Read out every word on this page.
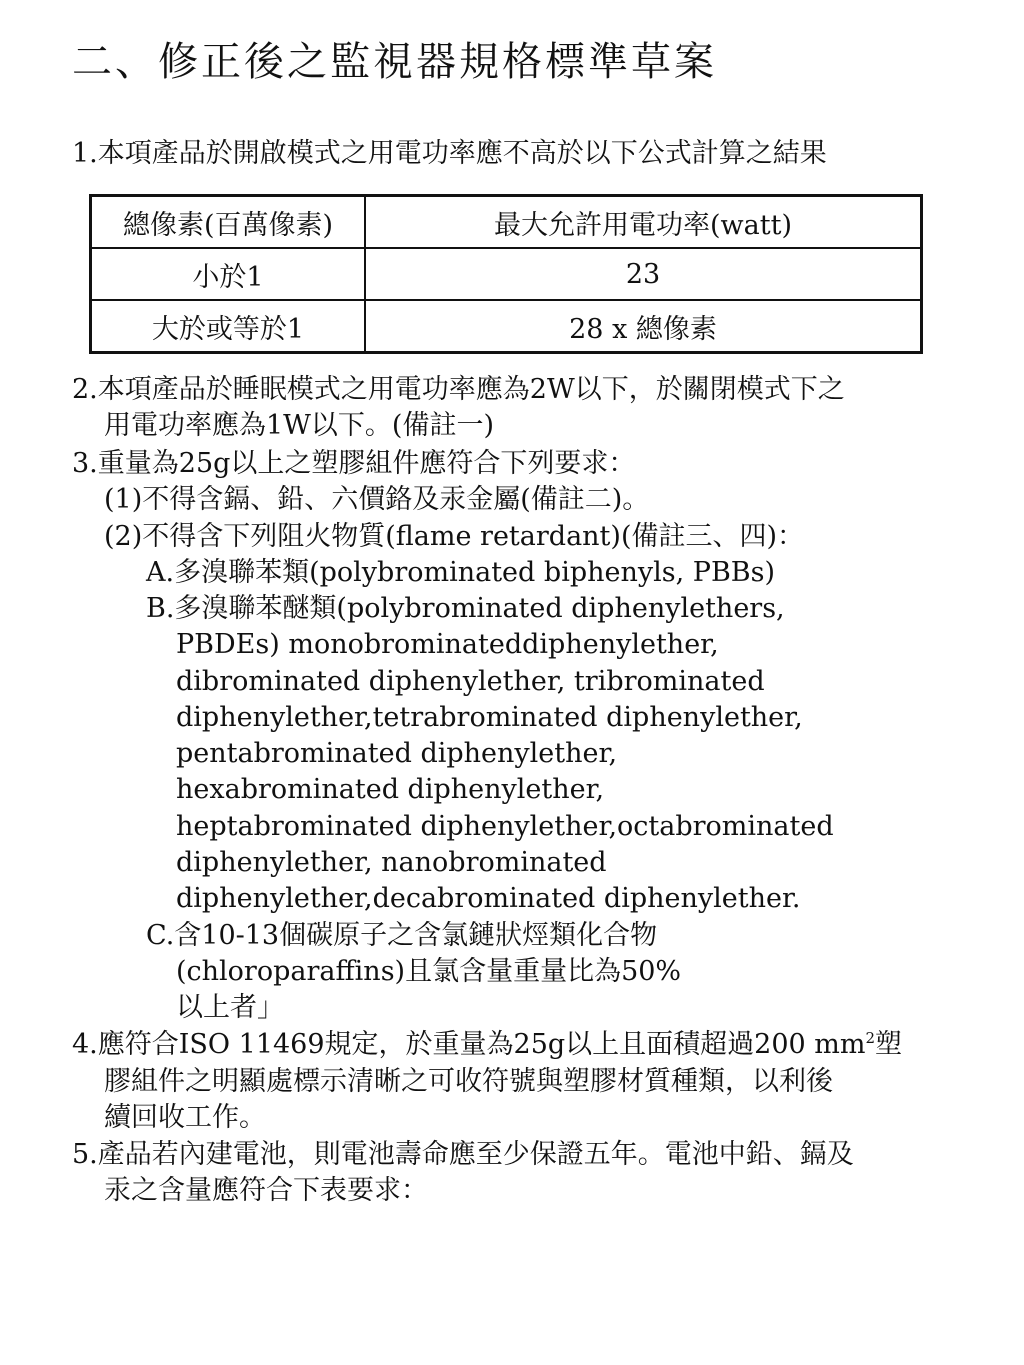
二、修正後之監視器規格標準草案
1.本項產品於開啟模式之用電功率應不高於以下公式計算之結果
總像素(百萬像素)	最大允許用電功率(watt)
小於1	23
大於或等於1	28 x 總像素
2.本項產品於睡眠模式之用電功率應為2W以下，於關閉模式下之
用電功率應為1W以下。(備註一)
3.重量為25g以上之塑膠組件應符合下列要求：
(1)不得含鎘、鉛、六價鉻及汞金屬(備註二)。
(2)不得含下列阻火物質(flame retardant)(備註三、四)：
A.多溴聯苯類(polybrominated biphenyls, PBBs)
B.多溴聯苯醚類(polybrominated diphenylethers,
PBDEs) monobrominateddiphenylether,
dibrominated diphenylether, tribrominated
diphenylether,tetrabrominated diphenylether,
pentabrominated diphenylether,
hexabrominated diphenylether,
heptabrominated diphenylether,octabrominated
diphenylether, nanobrominated
diphenylether,decabrominated diphenylether.
C.含10-13個碳原子之含氯鏈狀烴類化合物
(chloroparaffins)且氯含量重量比為50%
以上者」
4.應符合ISO 11469規定，於重量為25g以上且面積超過200 $mm^2$塑
膠組件之明顯處標示清晰之可收符號與塑膠材質種類，以利後
續回收工作。
5.產品若內建電池，則電池壽命應至少保證五年。電池中鉛、鎘及
汞之含量應符合下表要求：
